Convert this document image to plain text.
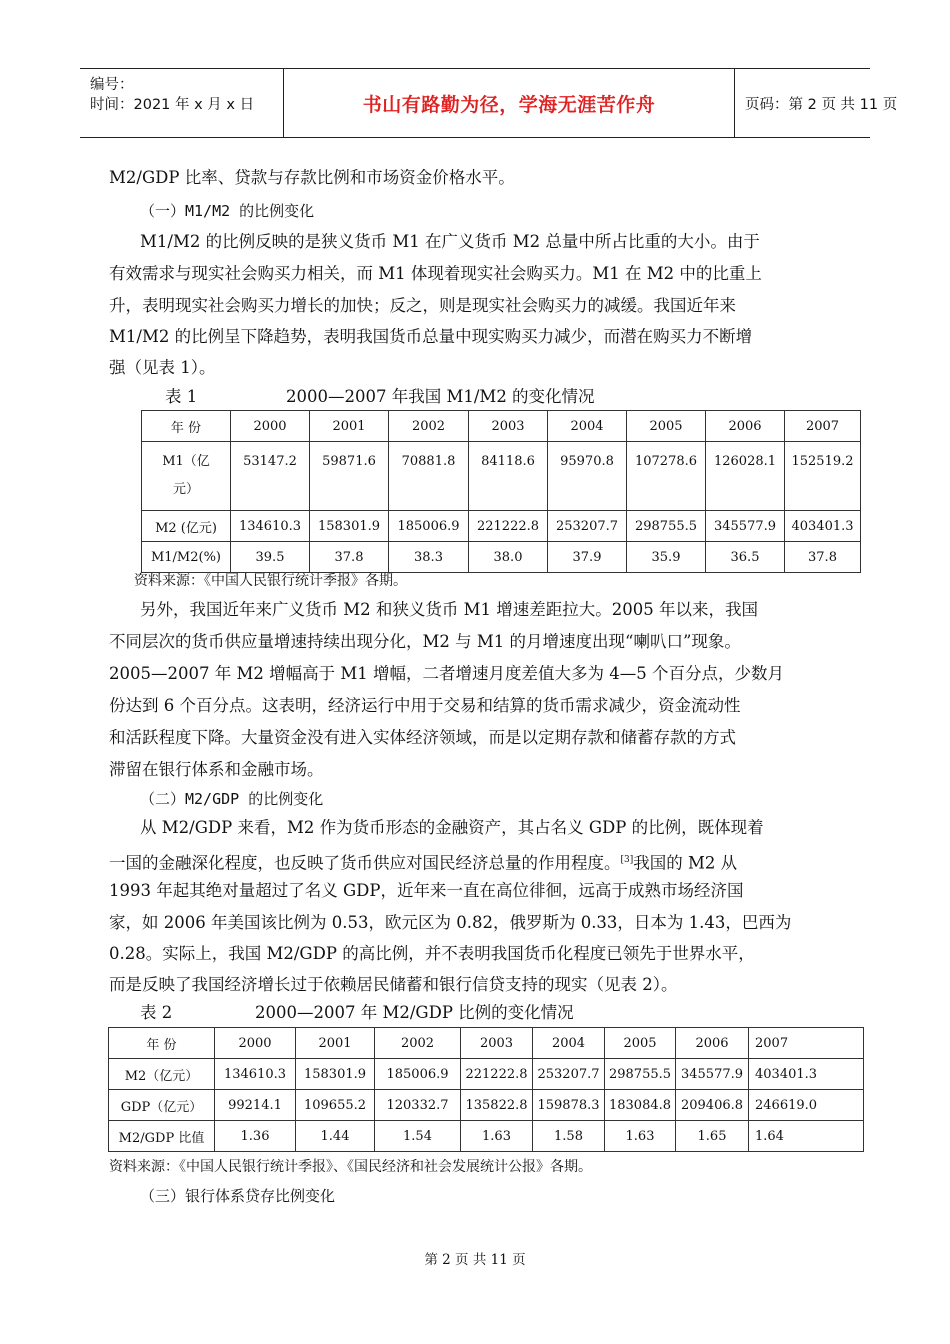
编号：
时间：2021 年 x 月 x 日	书山有路勤为径，学海无涯苦作舟	页码：第 2 页 共 11 页
M2/GDP 比率、贷款与存款比例和市场资金价格水平。
（一）M1/M2 的比例变化
M1/M2 的比例反映的是狭义货币 M1 在广义货币 M2 总量中所占比重的大小。由于
有效需求与现实社会购买力相关，而 M1 体现着现实社会购买力。M1 在 M2 中的比重上
升，表明现实社会购买力增长的加快；反之，则是现实社会购买力的减缓。我国近年来
M1/M2 的比例呈下降趋势，表明我国货币总量中现实购买力减少，而潜在购买力不断增
强（见表 1）。
表 1	2000—2007 年我国 M1/M2 的变化情况
年 份	2000	2001	2002	2003	2004	2005	2006	2007
M1（亿
元）	53147.2	59871.6	70881.8	84118.6	95970.8	107278.6	126028.1	152519.2
M2 (亿元)	134610.3	158301.9	185006.9	221222.8	253207.7	298755.5	345577.9	403401.3
M1/M2(%)	39.5	37.8	38.3	38.0	37.9	35.9	36.5	37.8
资料来源：《中国人民银行统计季报》各期。
另外，我国近年来广义货币 M2 和狭义货币 M1 增速差距拉大。2005 年以来，我国
不同层次的货币供应量增速持续出现分化，M2 与 M1 的月增速度出现“喇叭口”现象。
2005—2007 年 M2 增幅高于 M1 增幅，二者增速月度差值大多为 4—5 个百分点，少数月
份达到 6 个百分点。这表明，经济运行中用于交易和结算的货币需求减少，资金流动性
和活跃程度下降。大量资金没有进入实体经济领域，而是以定期存款和储蓄存款的方式
滞留在银行体系和金融市场。
（二）M2/GDP 的比例变化
从 M2/GDP 来看，M2 作为货币形态的金融资产，其占名义 GDP 的比例，既体现着
一国的金融深化程度，也反映了货币供应对国民经济总量的作用程度。[3]我国的 M2 从
1993 年起其绝对量超过了名义 GDP，近年来一直在高位徘徊，远高于成熟市场经济国
家，如 2006 年美国该比例为 0.53，欧元区为 0.82，俄罗斯为 0.33，日本为 1.43，巴西为
0.28。实际上，我国 M2/GDP 的高比例，并不表明我国货币化程度已领先于世界水平，
而是反映了我国经济增长过于依赖居民储蓄和银行信贷支持的现实（见表 2）。
表 2	2000—2007 年 M2/GDP 比例的变化情况
年 份	2000	2001	2002	2003	2004	2005	2006	2007
M2（亿元）	134610.3	158301.9	185006.9	221222.8	253207.7	298755.5	345577.9	403401.3
GDP（亿元）	99214.1	109655.2	120332.7	135822.8	159878.3	183084.8	209406.8	246619.0
M2/GDP 比值	1.36	1.44	1.54	1.63	1.58	1.63	1.65	1.64
资料来源：《中国人民银行统计季报》、《国民经济和社会发展统计公报》各期。
（三）银行体系贷存比例变化
第 2 页 共 11 页
